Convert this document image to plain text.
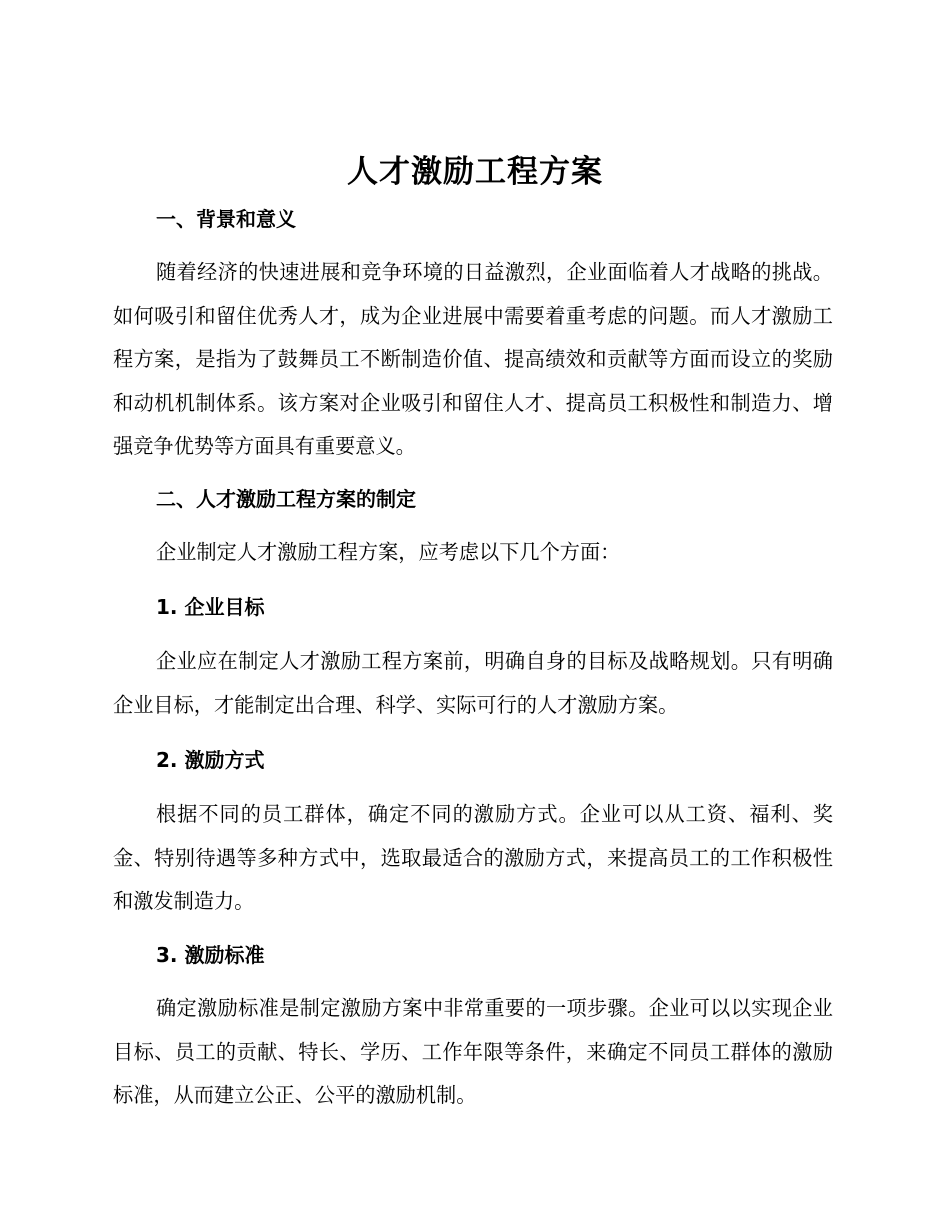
人才激励工程方案
一、背景和意义

随着经济的快速进展和竞争环境的日益激烈，企业面临着人才战略的挑战。如何吸引和留住优秀人才，成为企业进展中需要着重考虑的问题。而人才激励工程方案，是指为了鼓舞员工不断制造价值、提高绩效和贡献等方面而设立的奖励和动机机制体系。该方案对企业吸引和留住人才、提高员工积极性和制造力、增强竞争优势等方面具有重要意义。

二、人才激励工程方案的制定

企业制定人才激励工程方案，应考虑以下几个方面：

1. 企业目标

企业应在制定人才激励工程方案前，明确自身的目标及战略规划。只有明确企业目标，才能制定出合理、科学、实际可行的人才激励方案。

2. 激励方式

根据不同的员工群体，确定不同的激励方式。企业可以从工资、福利、奖金、特别待遇等多种方式中，选取最适合的激励方式，来提高员工的工作积极性和激发制造力。

3. 激励标准

确定激励标准是制定激励方案中非常重要的一项步骤。企业可以以实现企业目标、员工的贡献、特长、学历、工作年限等条件，来确定不同员工群体的激励标准，从而建立公正、公平的激励机制。
